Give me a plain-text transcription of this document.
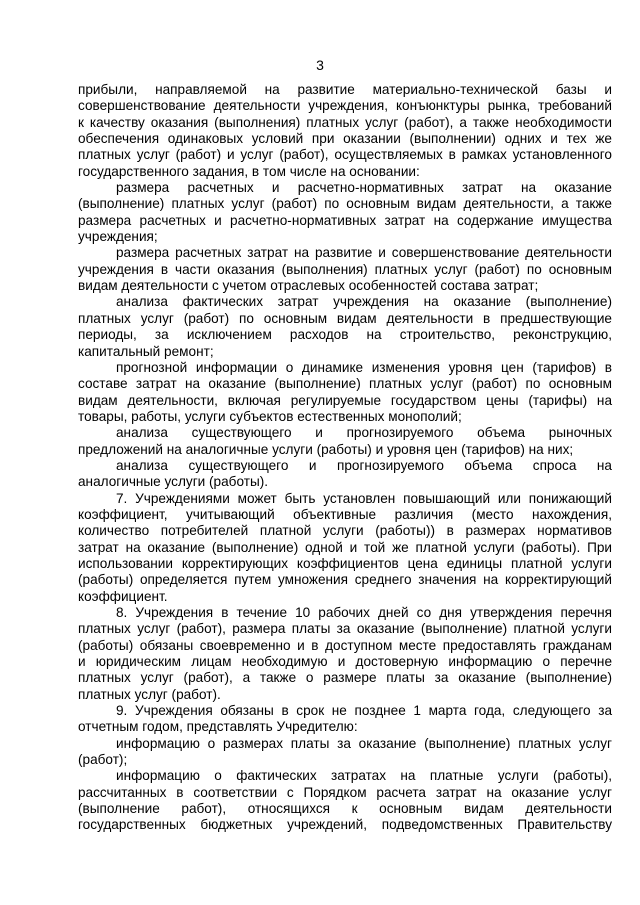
3
прибыли, направляемой на развитие материально-технической базы и
совершенствование деятельности учреждения, конъюнктуры рынка, требований
к качеству оказания (выполнения) платных услуг (работ), а также необходимости
обеспечения одинаковых условий при оказании (выполнении) одних и тех же
платных услуг (работ) и услуг (работ), осуществляемых в рамках установленного
государственного задания, в том числе на основании:
размера расчетных и расчетно-нормативных затрат на оказание
(выполнение) платных услуг (работ) по основным видам деятельности, а также
размера расчетных и расчетно-нормативных затрат на содержание имущества
учреждения;
размера расчетных затрат на развитие и совершенствование деятельности
учреждения в части оказания (выполнения) платных услуг (работ) по основным
видам деятельности с учетом отраслевых особенностей состава затрат;
анализа фактических затрат учреждения на оказание (выполнение)
платных услуг (работ) по основным видам деятельности в предшествующие
периоды, за исключением расходов на строительство, реконструкцию,
капитальный ремонт;
прогнозной информации о динамике изменения уровня цен (тарифов) в
составе затрат на оказание (выполнение) платных услуг (работ) по основным
видам деятельности, включая регулируемые государством цены (тарифы) на
товары, работы, услуги субъектов естественных монополий;
анализа существующего и прогнозируемого объема рыночных
предложений на аналогичные услуги (работы) и уровня цен (тарифов) на них;
анализа существующего и прогнозируемого объема спроса на
аналогичные услуги (работы).
7. Учреждениями может быть установлен повышающий или понижающий
коэффициент, учитывающий объективные различия (место нахождения,
количество потребителей платной услуги (работы)) в размерах нормативов
затрат на оказание (выполнение) одной и той же платной услуги (работы). При
использовании корректирующих коэффициентов цена единицы платной услуги
(работы) определяется путем умножения среднего значения на корректирующий
коэффициент.
8. Учреждения в течение 10 рабочих дней со дня утверждения перечня
платных услуг (работ), размера платы за оказание (выполнение) платной услуги
(работы) обязаны своевременно и в доступном месте предоставлять гражданам
и юридическим лицам необходимую и достоверную информацию о перечне
платных услуг (работ), а также о размере платы за оказание (выполнение)
платных услуг (работ).
9. Учреждения обязаны в срок не позднее 1 марта года, следующего за
отчетным годом, представлять Учредителю:
информацию о размерах платы за оказание (выполнение) платных услуг
(работ);
информацию о фактических затратах на платные услуги (работы),
рассчитанных в соответствии с Порядком расчета затрат на оказание услуг
(выполнение работ), относящихся к основным видам деятельности
государственных бюджетных учреждений, подведомственных Правительству
